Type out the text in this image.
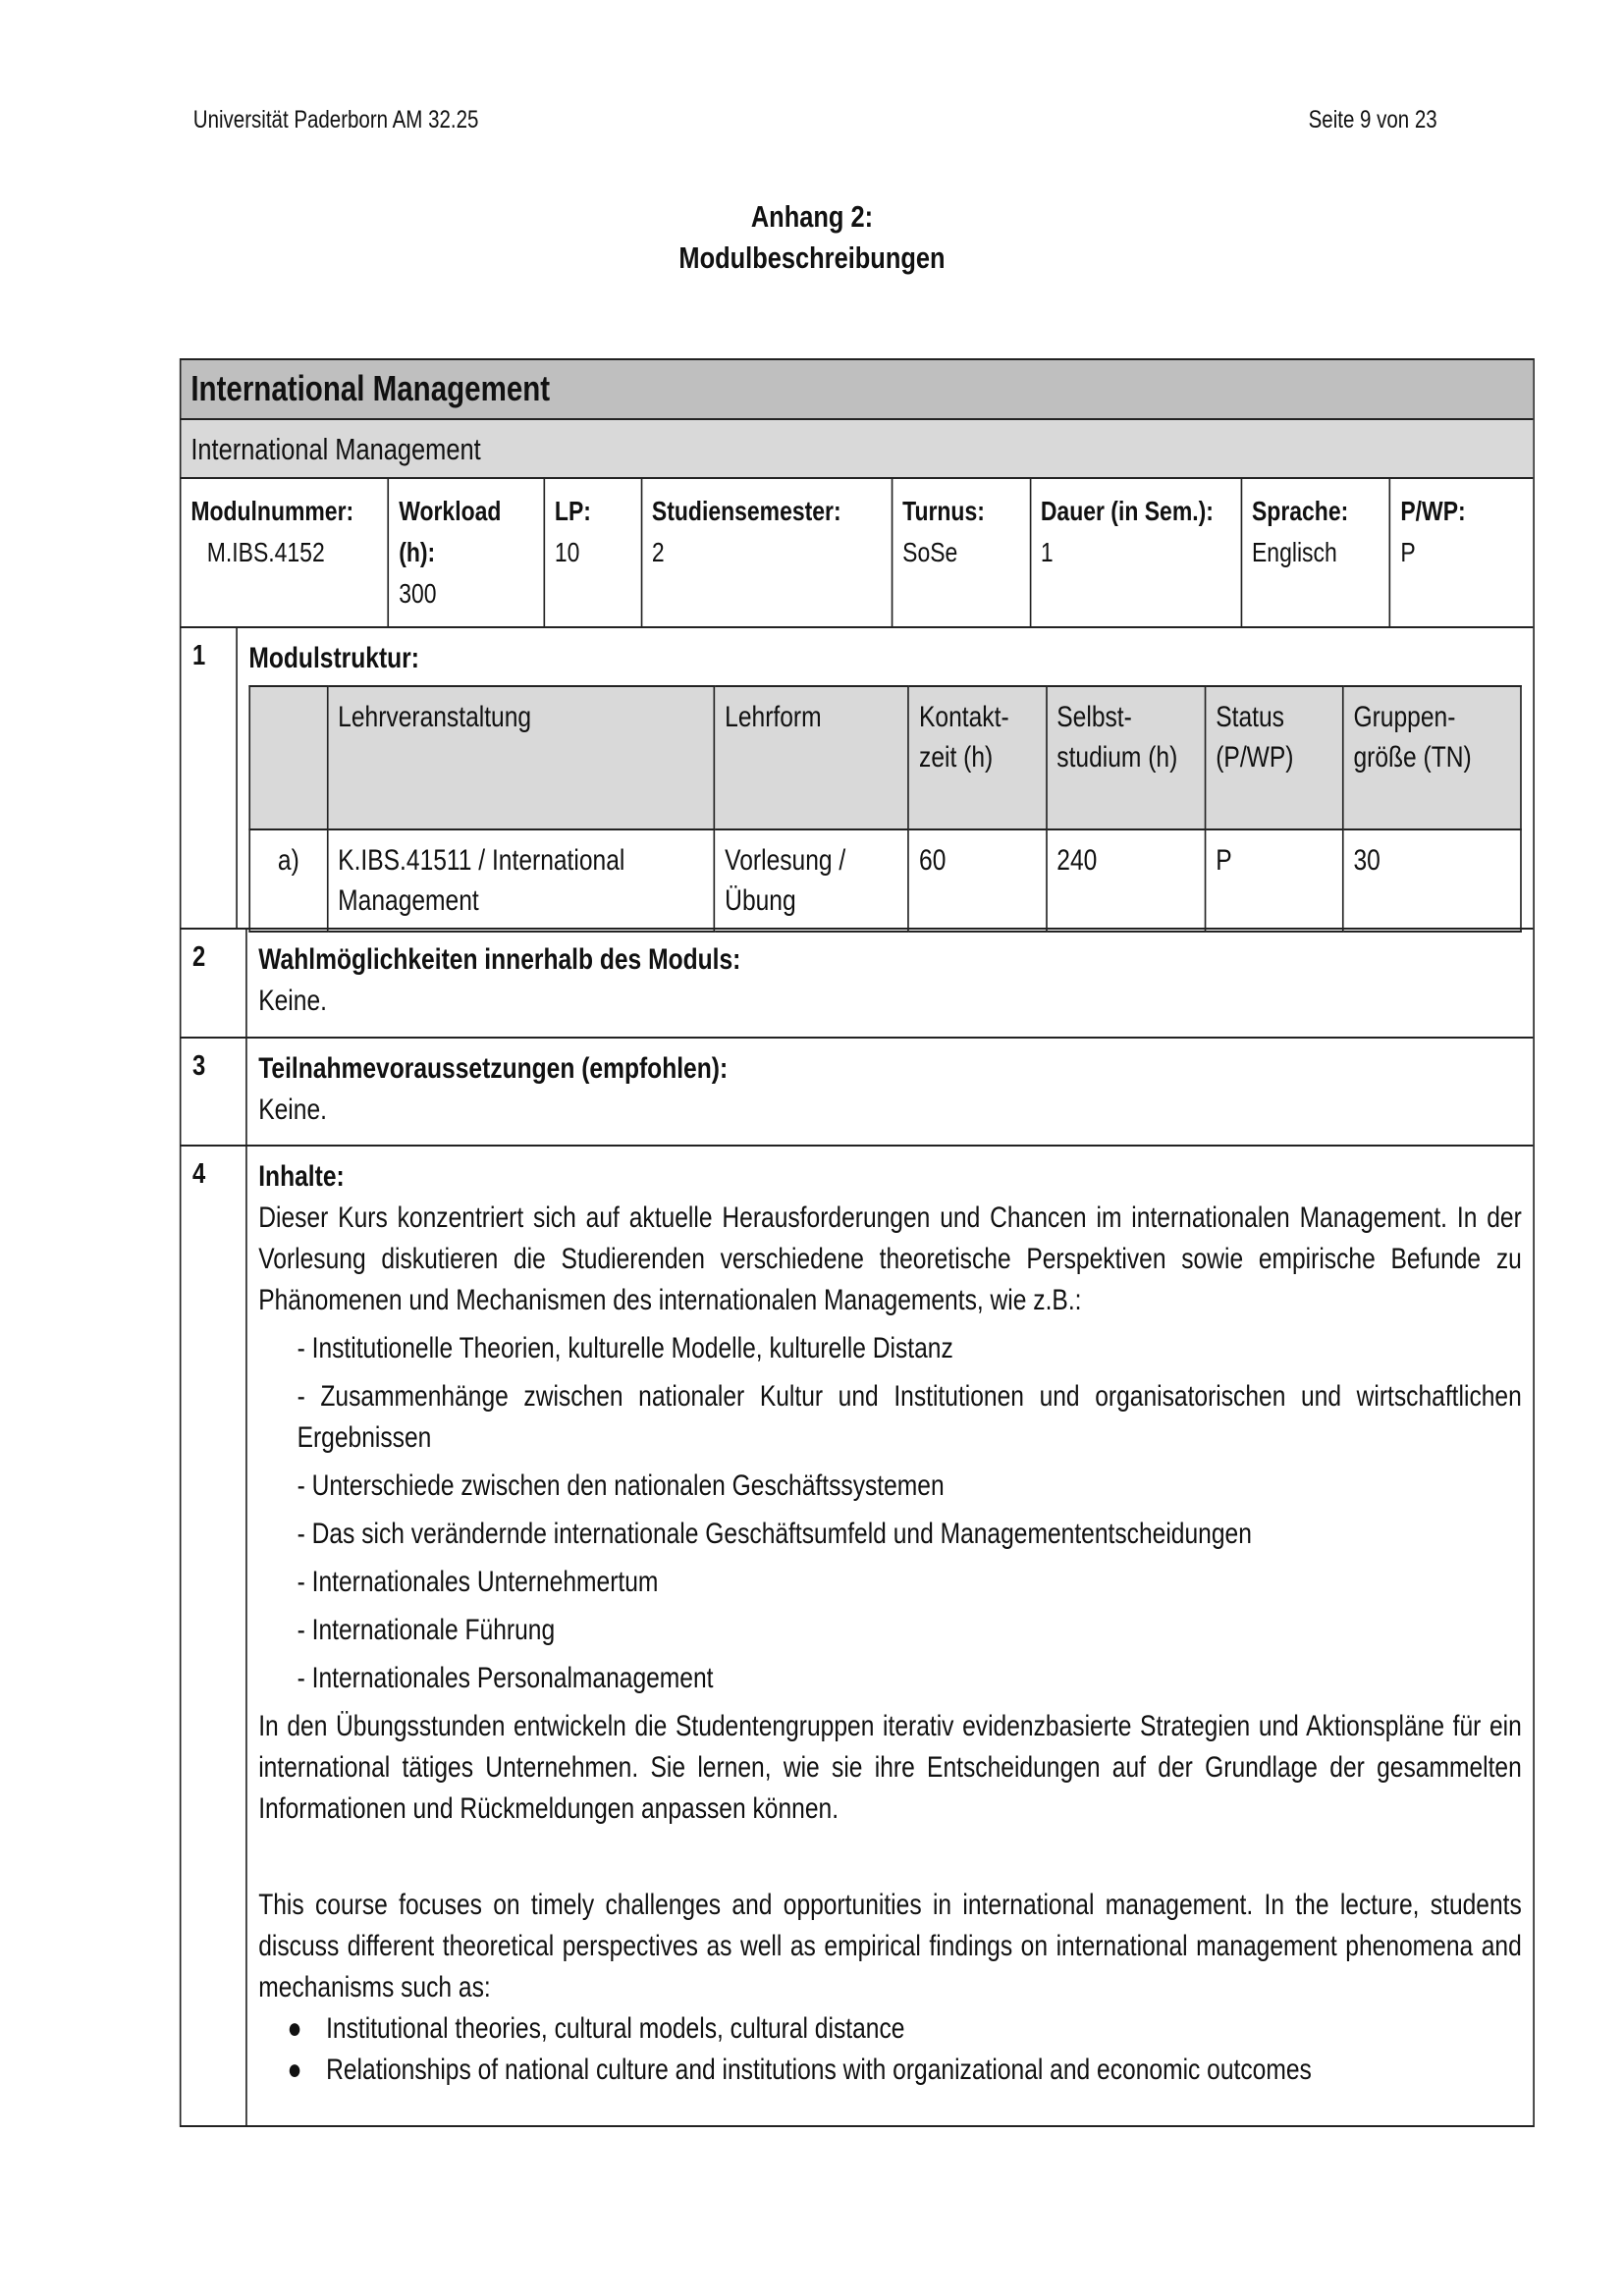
Universität Paderborn AM 32.25	Seite 9 von 23
Anhang 2:
Modulbeschreibungen
International Management
International Management
Modulnummer:
M.IBS.4152
Workload (h):
300
LP:
10
Studiensemester:
2
Turnus:
SoSe
Dauer (in Sem.):
1
Sprache:
Englisch
P/WP:
P
1	Modulstruktur:
	Lehrveranstaltung	Lehrform	Kontakt-zeit (h)	Selbst-studium (h)	Status (P/WP)	Gruppen-größe (TN)
a)	K.IBS.41511 / International Management	Vorlesung / Übung	60	240	P	30
2	Wahlmöglichkeiten innerhalb des Moduls:
Keine.
3	Teilnahmevoraussetzungen (empfohlen):
Keine.
4	Inhalte:
Dieser Kurs konzentriert sich auf aktuelle Herausforderungen und Chancen im internationalen Management. In der Vorlesung diskutieren die Studierenden verschiedene theoretische Perspektiven sowie empirische Befunde zu Phänomenen und Mechanismen des internationalen Managements, wie z.B.:
- Institutionelle Theorien, kulturelle Modelle, kulturelle Distanz
- Zusammenhänge zwischen nationaler Kultur und Institutionen und organisatorischen und wirtschaftlichen Ergebnissen
- Unterschiede zwischen den nationalen Geschäftssystemen
- Das sich verändernde internationale Geschäftsumfeld und Managemententscheidungen
- Internationales Unternehmertum
- Internationale Führung
- Internationales Personalmanagement
In den Übungsstunden entwickeln die Studentengruppen iterativ evidenzbasierte Strategien und Aktionspläne für ein international tätiges Unternehmen. Sie lernen, wie sie ihre Entscheidungen auf der Grundlage der gesammelten Informationen und Rückmeldungen anpassen können.
This course focuses on timely challenges and opportunities in international management. In the lecture, students discuss different theoretical perspectives as well as empirical findings on international management phenomena and mechanisms such as:
● Institutional theories, cultural models, cultural distance
● Relationships of national culture and institutions with organizational and economic outcomes
